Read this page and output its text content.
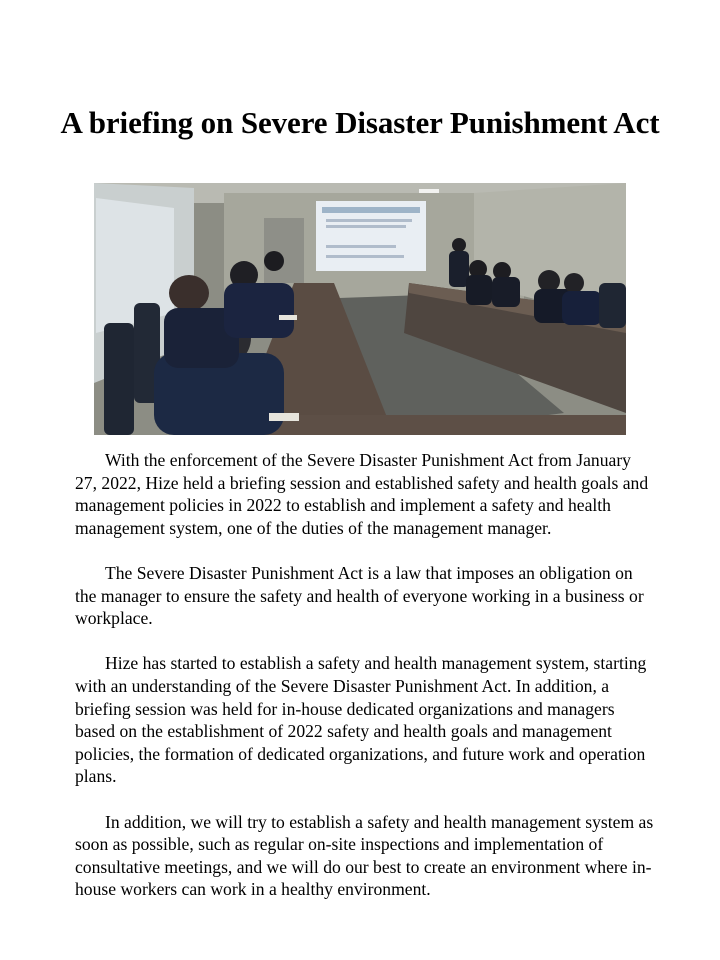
A briefing on Severe Disaster Punishment Act

With the enforcement of the Severe Disaster Punishment Act from January 27, 2022, Hize held a briefing session and established safety and health goals and management policies in 2022 to establish and implement a safety and health management system, one of the duties of the management manager.

The Severe Disaster Punishment Act is a law that imposes an obligation on the manager to ensure the safety and health of everyone working in a business or workplace.

Hize has started to establish a safety and health management system, starting with an understanding of the Severe Disaster Punishment Act. In addition, a briefing session was held for in-house dedicated organizations and managers based on the establishment of 2022 safety and health goals and management policies, the formation of dedicated organizations, and future work and operation plans.

In addition, we will try to establish a safety and health management system as soon as possible, such as regular on-site inspections and implementation of consultative meetings, and we will do our best to create an environment where in-house workers can work in a healthy environment.
